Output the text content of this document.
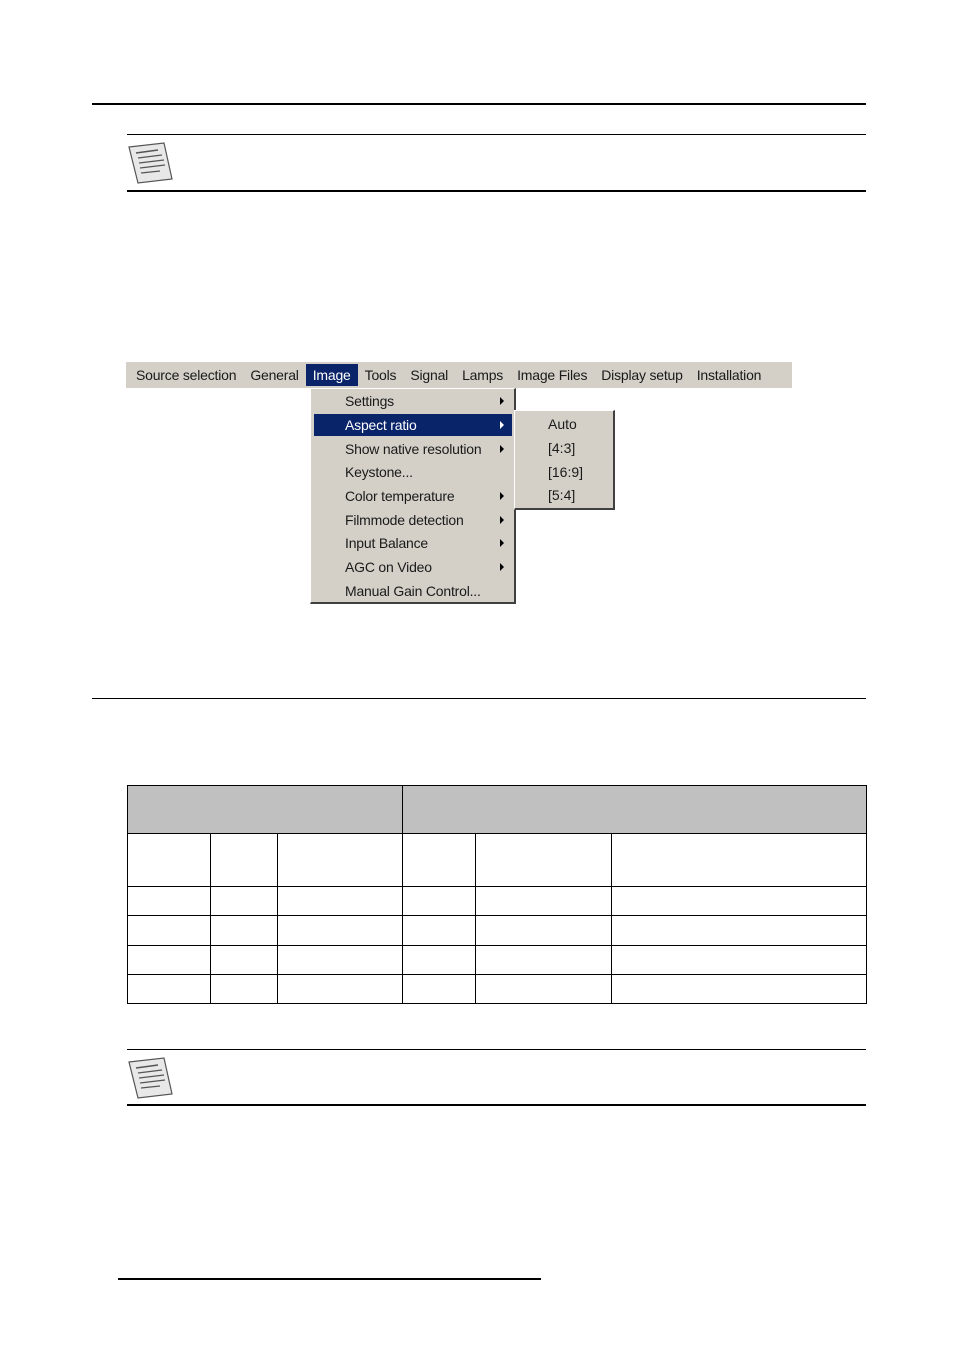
Source selection	General	Image	Tools	Signal	Lamps	Image Files	Display setup	Installation
Settings
Aspect ratio
Show native resolution
Keystone...
Color temperature
Filmmode detection
Input Balance
AGC on Video
Manual Gain Control...
Auto
[4:3]
[16:9]
[5:4]
